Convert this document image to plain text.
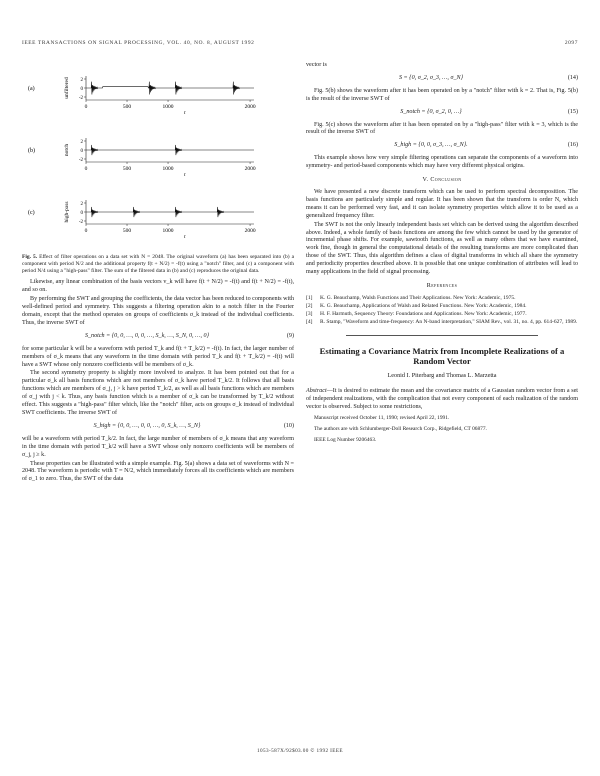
IEEE TRANSACTIONS ON SIGNAL PROCESSING, VOL. 40, NO. 8, AUGUST 1992	2097
(a)	unfiltered 2
0
-2
0	500	1000	2000
t
(b)	notch
2
0
-2
0	500	1000	2000
t
(c)	high-pass 2
0
-2
0	500	1000	2000
t
Fig. 5. Effect of filter operations on a data set with N = 2048. The original waveform (a) has been separated into (b) a component with period N/2 and the additional property f(t + N/2) = -f(t) using a "notch" filter, and (c) a component with period N/4 using a "high-pass" filter. The sum of the filtered data in (b) and (c) reproduces the original data.

Likewise, any linear combination of the basis vectors v_k will have f(t + N/2) = -f(t) and f(t + N/2) = -f(t), and so on.

By performing the SWT and grouping the coefficients, the data vector has been reduced to components with well-defined period and symmetry. This suggests a filtering operation akin to a notch filter in the Fourier domain, except that the method operates on groups of coefficients σ_k instead of the individual coefficients. Thus, the inverse SWT of

S_notch = {0, 0, …, 0, 0, …, S_k, …, S_N, 0, …, 0}	(9)

for some particular k will be a waveform with period T_k and f(t + T_k/2) = -f(t). In fact, the larger number of members of σ_k means that any waveform in the time domain with period T_k and f(t + T_k/2) = -f(t) will have a SWT whose only nonzero coefficients will be members of σ_k.

The second symmetry property is slightly more involved to analyze. It has been pointed out that for a particular σ_k all basis functions which are not members of σ_k have period T_k/2. It follows that all basis functions which are members of σ_j, j > k have period T_k/2, as well as all basis functions which are members of σ_j with j < k. Thus, any basis function which is a member of σ_k can be transformed by T_k/2 without effect. This suggests a "high-pass" filter which, like the "notch" filter, acts on groups σ_k instead of individual SWT coefficients. The inverse SWT of

S_high = {0, 0, …, 0, 0, …, 0, S_k, …, S_N}	(10)

will be a waveform with period T_k/2. In fact, the large number of members of σ_k means that any waveform in the time domain with period T_k/2 will have a SWT whose only nonzero coefficients will be members of σ_j, j ≥ k.

These properties can be illustrated with a simple example. Fig. 5(a) shows a data set of waveforms with N = 2048. The waveform is periodic with T = N/2, which immediately forces all its coefficients which are members of σ_1 to zero. Thus, the SWT of the data

vector is

S = {0, σ_2, σ_3, …, σ_N}	(14)

Fig. 5(b) shows the waveform after it has been operated on by a "notch" filter with k = 2. That is, Fig. 5(b) is the result of the inverse SWT of

S_notch = {0, σ_2, 0, …}	(15)

Fig. 5(c) shows the waveform after it has been operated on by a "high-pass" filter with k = 3, which is the result of the inverse SWT of

S_high = {0, 0, σ_3, …, σ_N}.	(16)

This example shows how very simple filtering operations can separate the components of a waveform into symmetry- and period-based components which may have very different physical origins.

V. Conclusion

We have presented a new discrete transform which can be used to perform spectral decomposition. The basis functions are particularly simple and regular. It has been shown that the transform is order N, which means it can be performed very fast, and it can isolate symmetry properties which allow it to be used as a generalized frequency filter.

The SWT is not the only linearly independent basis set which can be derived using the algorithm described above. Indeed, a whole family of basis functions are among the few which cannot be used by the generator of incremental phase shifts. For example, sawtooth functions, as well as many others that we have examined, work fine, though in general the computational details of the resulting transforms are more complicated than those of the SWT. Thus, this algorithm defines a class of digital transforms in which all share the symmetry and periodicity properties described above. It is possible that one unique combination of attributes will lead to many applications in the field of signal processing.

References
[1]	K. G. Beauchamp, Walsh Functions and Their Applications. New York: Academic, 1975.
[2]	K. G. Beauchamp, Applications of Walsh and Related Functions. New York: Academic, 1984.
[3]	H. F. Harmuth, Sequency Theory: Foundations and Applications. New York: Academic, 1977.
[4]	R. Stamp, "Waveform and time-frequency: An N-band interpretation," SIAM Rev., vol. 31, no. 4, pp. 614-627, 1989.
Estimating a Covariance Matrix from Incomplete Realizations of a Random Vector
Leonid I. Piterbarg and Thomas L. Marzetta
Abstract—It is desired to estimate the mean and the covariance matrix of a Gaussian random vector from a set of independent realizations, with the complication that not every component of each realization of the random vector is observed. Subject to some restrictions,
Manuscript received October 11, 1990; revised April 22, 1991.
The authors are with Schlumberger-Doll Research Corp., Ridgefield, CT 06877.
IEEE Log Number 9206463.
1053-587X/92$03.00 © 1992 IEEE
